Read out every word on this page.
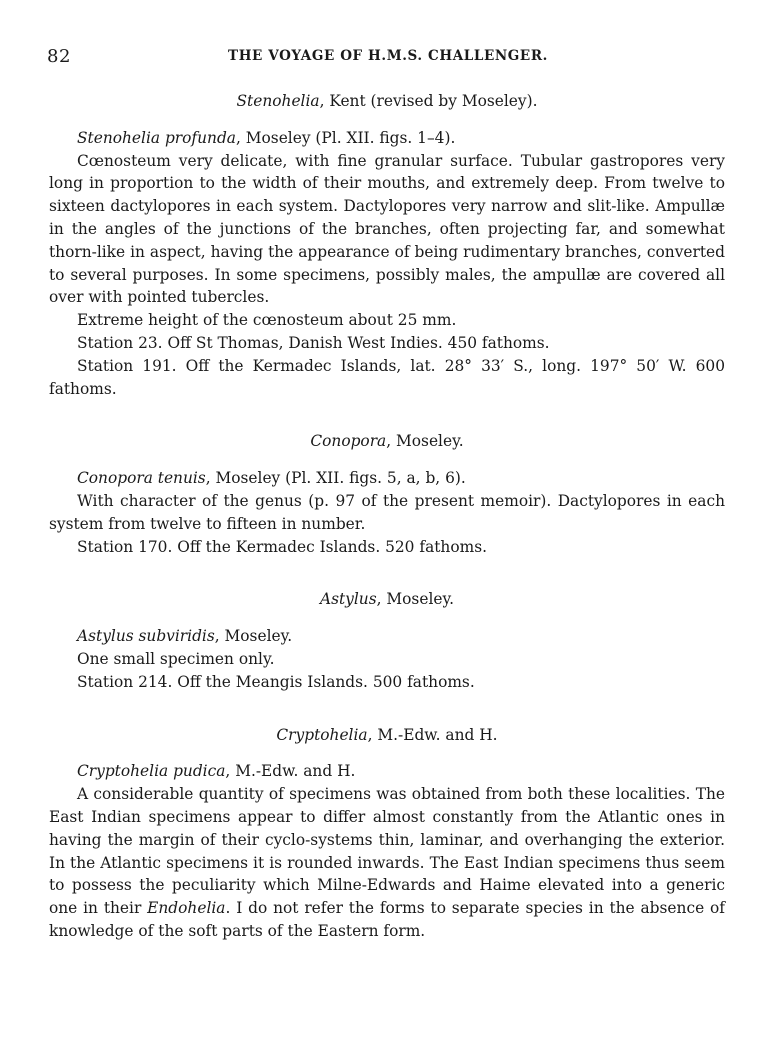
82	THE VOYAGE OF H.M.S. CHALLENGER.

Stenohelia, Kent (revised by Moseley).

Stenohelia profunda, Moseley (Pl. XII. figs. 1–4).

Cœnosteum very delicate, with fine granular surface. Tubular gastropores very long in proportion to the width of their mouths, and extremely deep. From twelve to sixteen dactylopores in each system. Dactylopores very narrow and slit-like. Ampullæ in the angles of the junctions of the branches, often projecting far, and somewhat thorn-like in aspect, having the appearance of being rudimentary branches, converted to several purposes. In some specimens, possibly males, the ampullæ are covered all over with pointed tubercles.

Extreme height of the cœnosteum about 25 mm.

Station 23. Off St Thomas, Danish West Indies. 450 fathoms.

Station 191. Off the Kermadec Islands, lat. 28° 33′ S., long. 197° 50′ W. 600 fathoms.

Conopora, Moseley.

Conopora tenuis, Moseley (Pl. XII. figs. 5, a, b, 6).

With character of the genus (p. 97 of the present memoir). Dactylopores in each system from twelve to fifteen in number.

Station 170. Off the Kermadec Islands. 520 fathoms.

Astylus, Moseley.

Astylus subviridis, Moseley.

One small specimen only.

Station 214. Off the Meangis Islands. 500 fathoms.

Cryptohelia, M.-Edw. and H.

Cryptohelia pudica, M.-Edw. and H.

A considerable quantity of specimens was obtained from both these localities. The East Indian specimens appear to differ almost constantly from the Atlantic ones in having the margin of their cyclo-systems thin, laminar, and overhanging the exterior. In the Atlantic specimens it is rounded inwards. The East Indian specimens thus seem to possess the peculiarity which Milne-Edwards and Haime elevated into a generic one in their Endohelia. I do not refer the forms to separate species in the absence of knowledge of the soft parts of the Eastern form.
